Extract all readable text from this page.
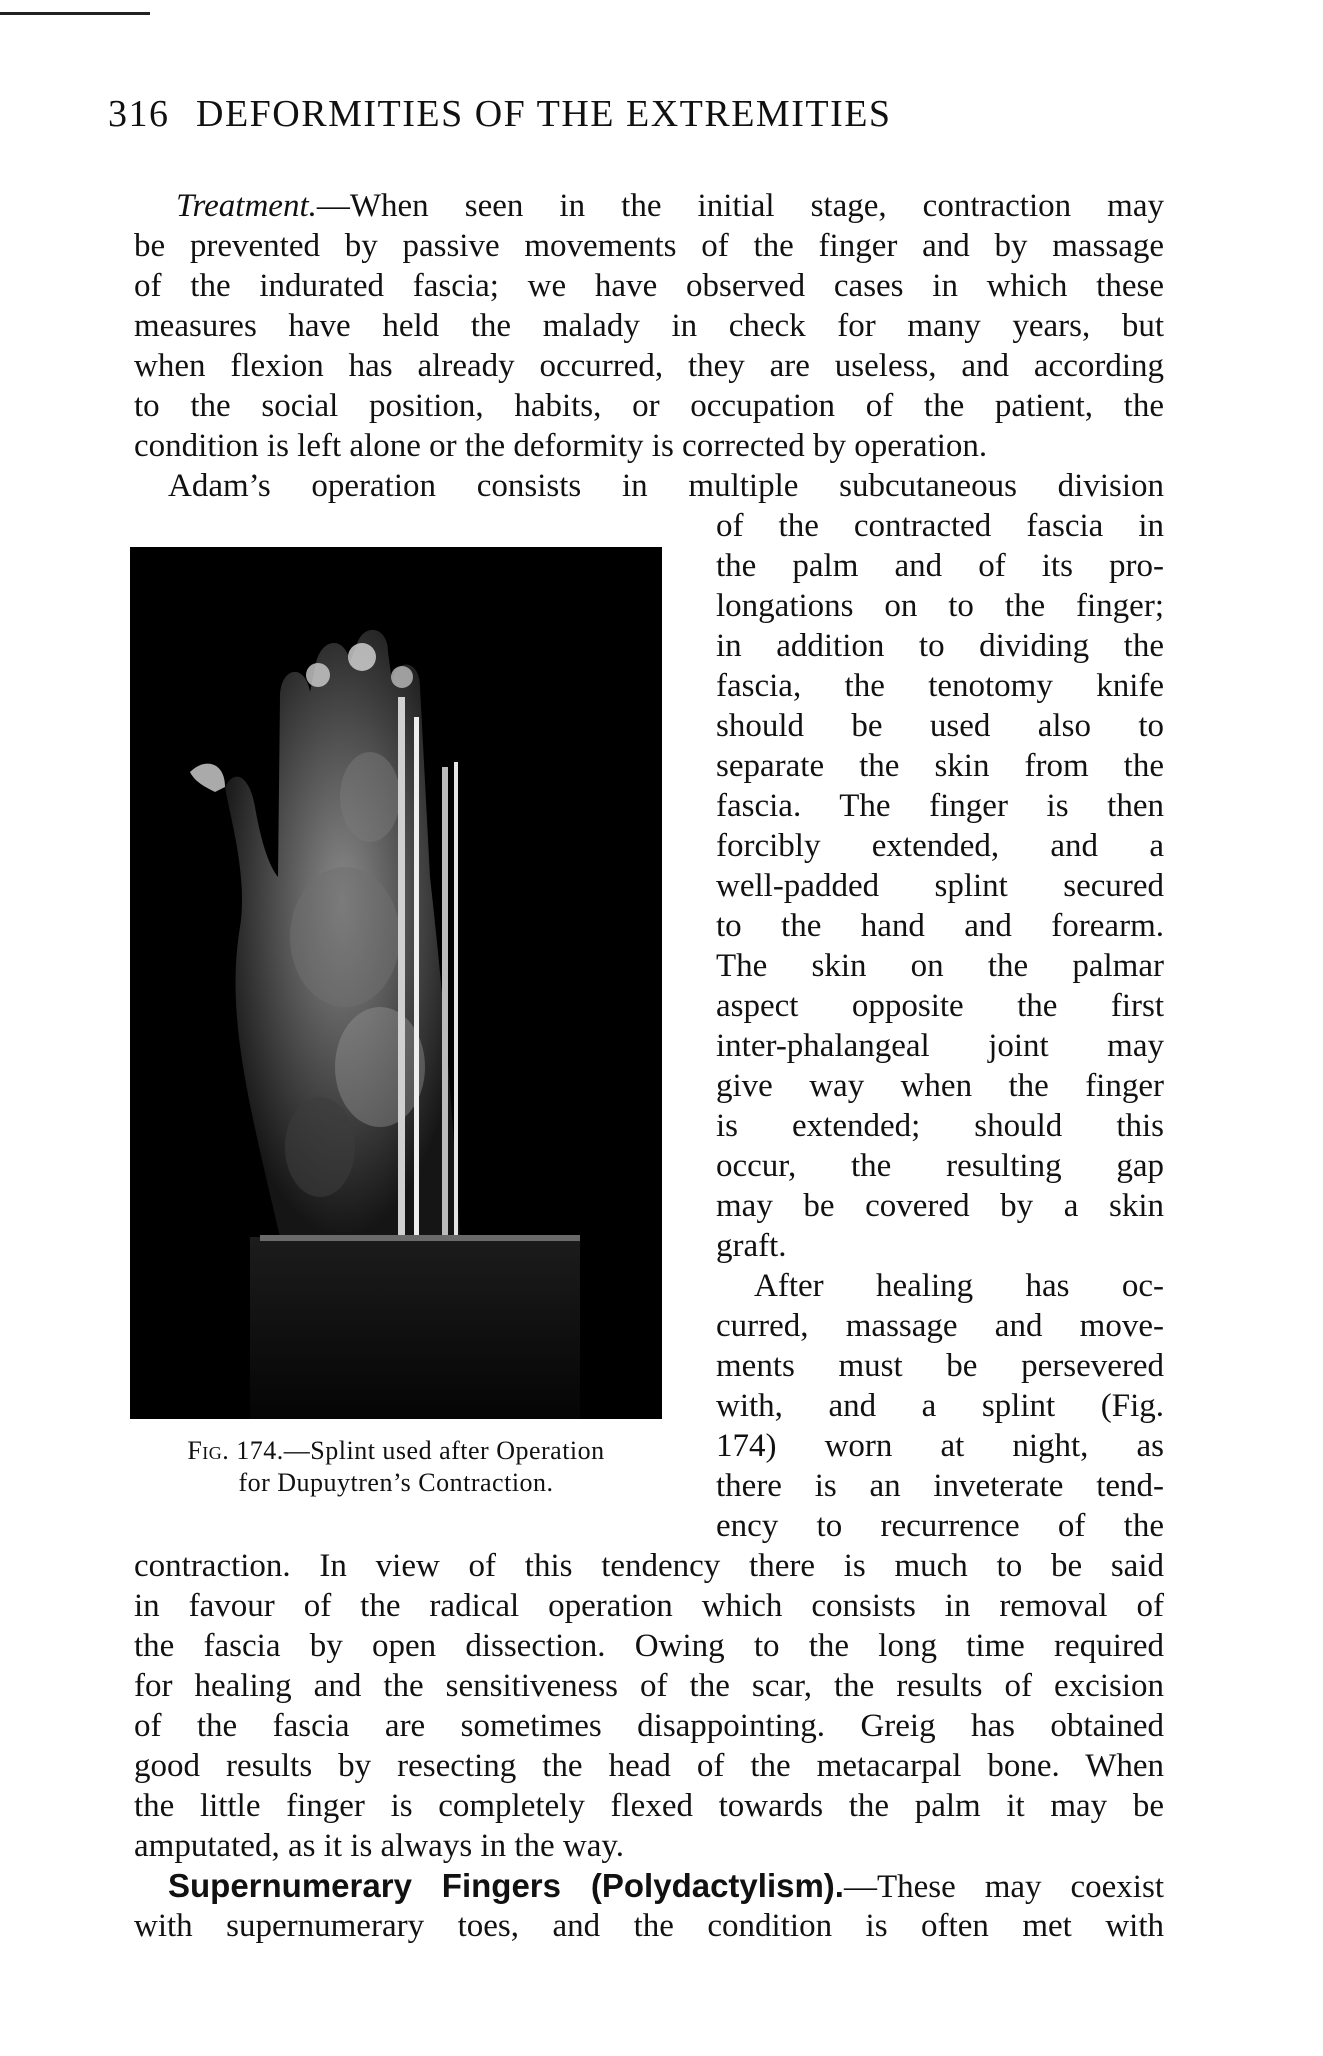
316 DEFORMITIES OF THE EXTREMITIES
Treatment.—When seen in the initial stage, contraction may
be prevented by passive movements of the finger and by massage
of the indurated fascia; we have observed cases in which these
measures have held the malady in check for many years, but
when flexion has already occurred, they are useless, and according
to the social position, habits, or occupation of the patient, the
condition is left alone or the deformity is corrected by operation.
Adam’s operation consists in multiple subcutaneous division
Fig. 174.—Splint used after Operation
for Dupuytren’s Contraction.
of the contracted fascia in
the palm and of its pro-
longations on to the finger;
in addition to dividing the
fascia, the tenotomy knife
should be used also to
separate the skin from the
fascia. The finger is then
forcibly extended, and a
well-padded splint secured
to the hand and forearm.
The skin on the palmar
aspect opposite the first
inter-phalangeal joint may
give way when the finger
is extended; should this
occur, the resulting gap
may be covered by a skin
graft.
After healing has oc-
curred, massage and move-
ments must be persevered
with, and a splint (Fig.
174) worn at night, as
there is an inveterate tend-
ency to recurrence of the
contraction. In view of this tendency there is much to be said
in favour of the radical operation which consists in removal of
the fascia by open dissection. Owing to the long time required
for healing and the sensitiveness of the scar, the results of excision
of the fascia are sometimes disappointing. Greig has obtained
good results by resecting the head of the metacarpal bone. When
the little finger is completely flexed towards the palm it may be
amputated, as it is always in the way.
Supernumerary Fingers (Polydactylism).—These may coexist
with supernumerary toes, and the condition is often met with
